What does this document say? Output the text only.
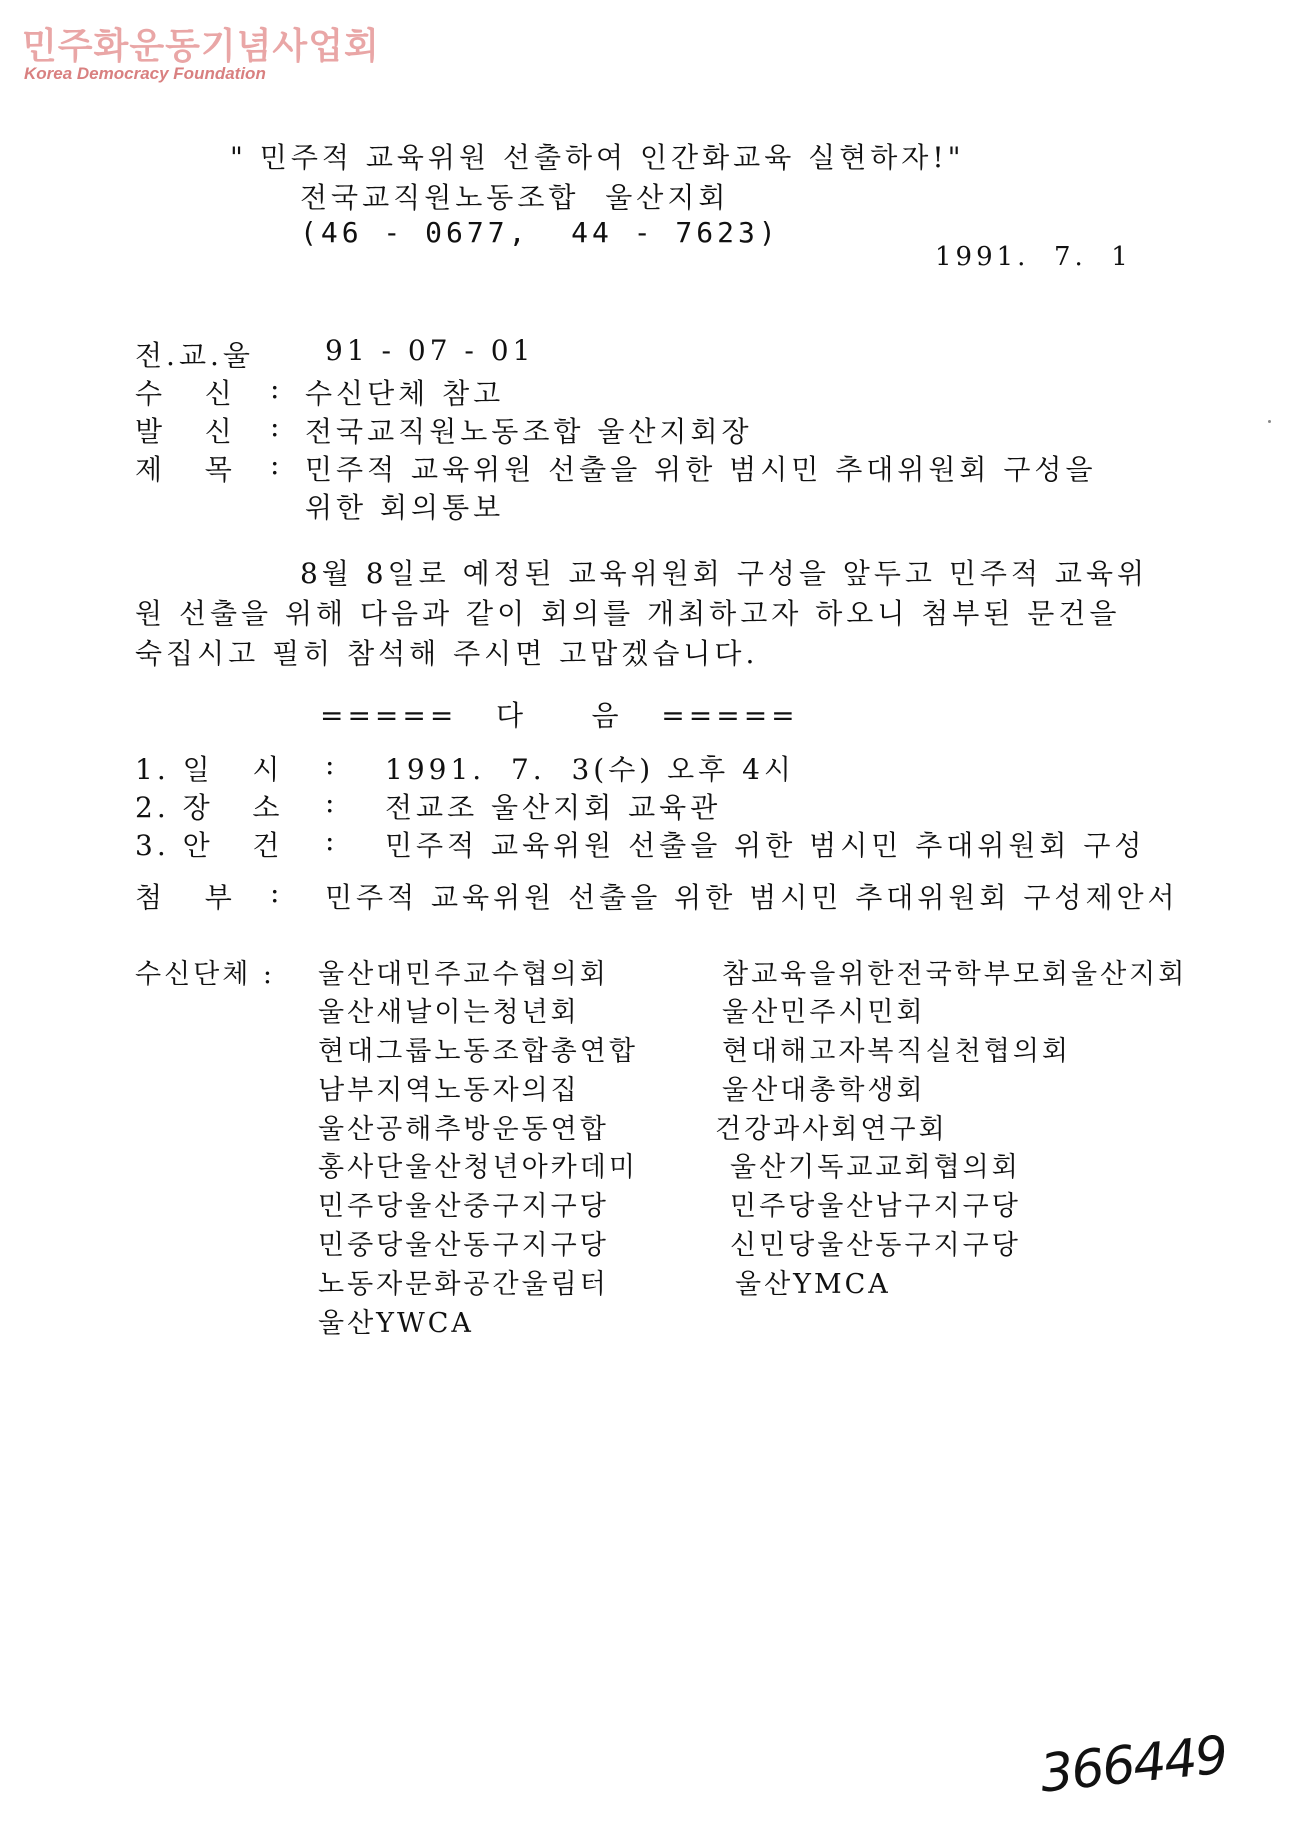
민주화운동기념사업회
Korea Democracy Foundation
" 민주적 교육위원 선출하여 인간화교육 실현하자!"
전국교직원노동조합  울산지회
(46 - 0677,  44 - 7623)
1991.  7.  1

전.교.울

	91 - 07 - 01

수   신

:

수신단체 참고

발   신

:

전국교직원노동조합 울산지회장

제   목

:

민주적 교육위원 선출을 위한 범시민 추대위원회 구성을

위한 회의통보
8월 8일로 예정된 교육위원회 구성을 앞두고 민주적 교육위
원 선출을 위해 다음과 같이 회의를 개최하고자 하오니 첨부된 문건을
숙집시고 필히 참석해 주시면 고맙겠습니다.
=====   다     음   =====

1. 일   시

:

1991.  7.  3(수) 오후 4시

2. 장   소

:

전교조 울산지회 교육관

3. 안   건

:

민주적 교육위원 선출을 위한 범시민 추대위원회 구성

첨   부

:

민주적 교육위원 선출을 위한 범시민 추대위원회 구성제안서

수신단체 : 울산대민주교수협의회
울산새날이는청년회
현대그룹노동조합총연합
남부지역노동자의집
울산공해추방운동연합
홍사단울산청년아카데미
민주당울산중구지구당
민중당울산동구지구당
노동자문화공간울림터
울산YWCA
참교육을위한전국학부모회울산지회
울산민주시민회
현대해고자복직실천협의회
울산대총학생회
건강과사회연구회
울산기독교교회협의회
민주당울산남구지구당
신민당울산동구지구당
울산YMCA
366449
